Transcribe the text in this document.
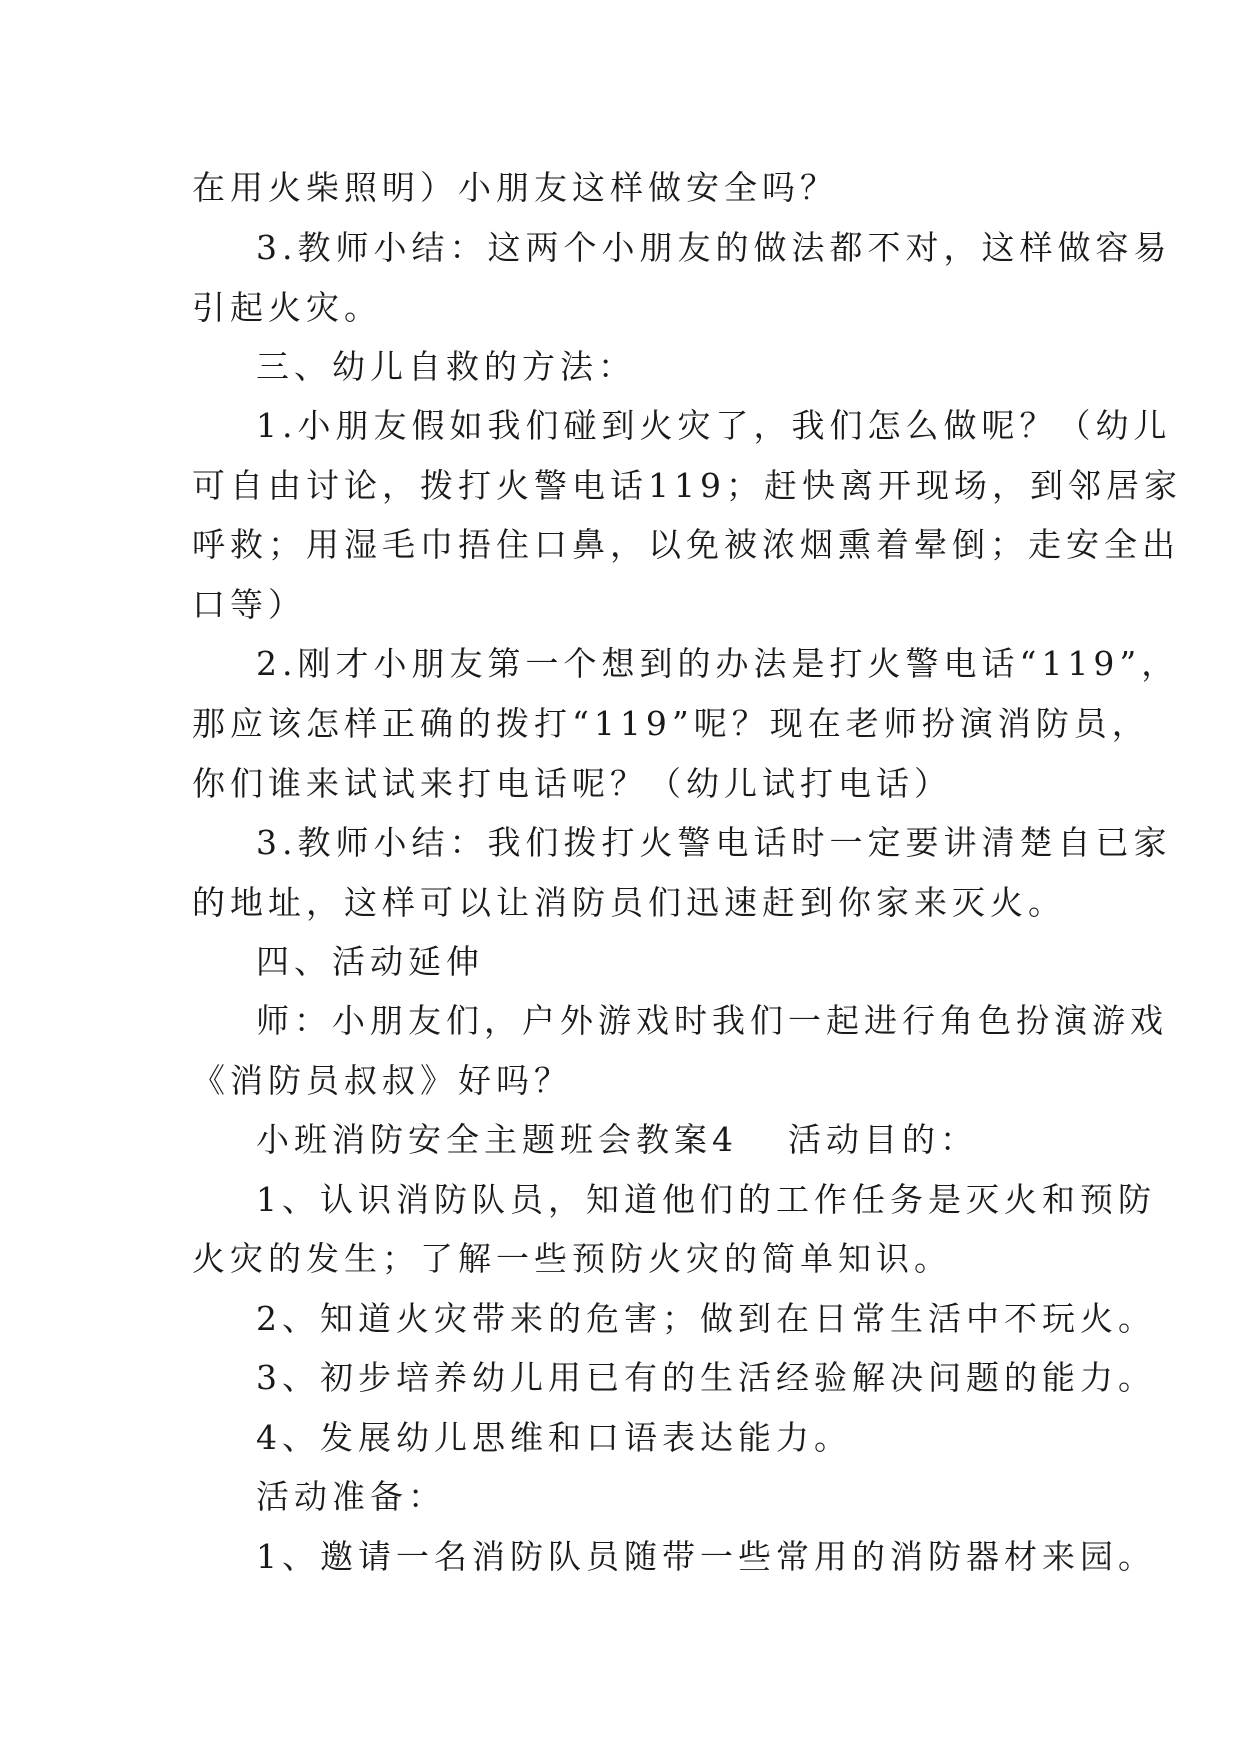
在用火柴照明）小朋友这样做安全吗？
3.教师小结：这两个小朋友的做法都不对，这样做容易
引起火灾。
三、幼儿自救的方法：
1.小朋友假如我们碰到火灾了，我们怎么做呢？（幼儿
可自由讨论，拨打火警电话119；赶快离开现场，到邻居家
呼救；用湿毛巾捂住口鼻，以免被浓烟熏着晕倒；走安全出
口等）
2.刚才小朋友第一个想到的办法是打火警电话“119”，
那应该怎样正确的拨打“119”呢？现在老师扮演消防员，
你们谁来试试来打电话呢？（幼儿试打电话）
3.教师小结：我们拨打火警电话时一定要讲清楚自已家
的地址，这样可以让消防员们迅速赶到你家来灭火。
四、活动延伸
师：小朋友们，户外游戏时我们一起进行角色扮演游戏
《消防员叔叔》好吗？
小班消防安全主题班会教案4 活动目的：
1、认识消防队员，知道他们的工作任务是灭火和预防
火灾的发生；了解一些预防火灾的简单知识。
2、知道火灾带来的危害；做到在日常生活中不玩火。
3、初步培养幼儿用已有的生活经验解决问题的能力。
4、发展幼儿思维和口语表达能力。
活动准备：
1、邀请一名消防队员随带一些常用的消防器材来园。
